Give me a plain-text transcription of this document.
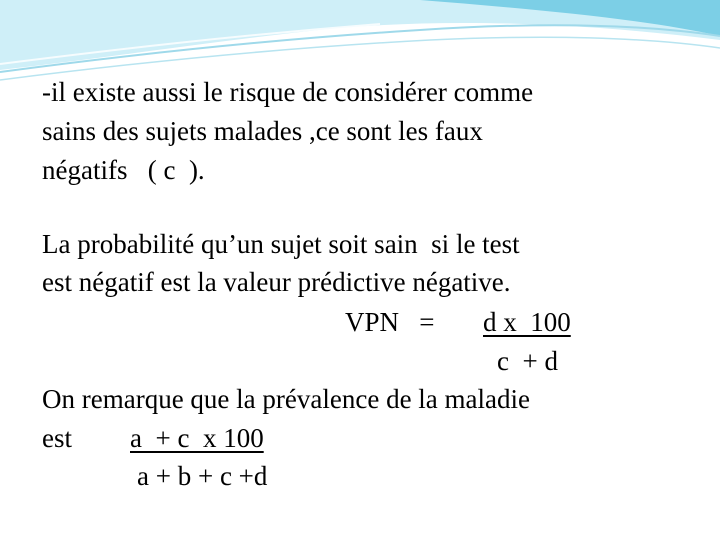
-il existe aussi le risque de considérer comme

sains des sujets malades ,ce sont les faux

négatifs   ( c  ).

La probabilité qu’un sujet soit sain  si le test

est négatif est la valeur prédictive négative.

VPN   = d x  100

c  + d

On remarque que la prévalence de la maladie

est a  + c  x 100

a + b + c +d
